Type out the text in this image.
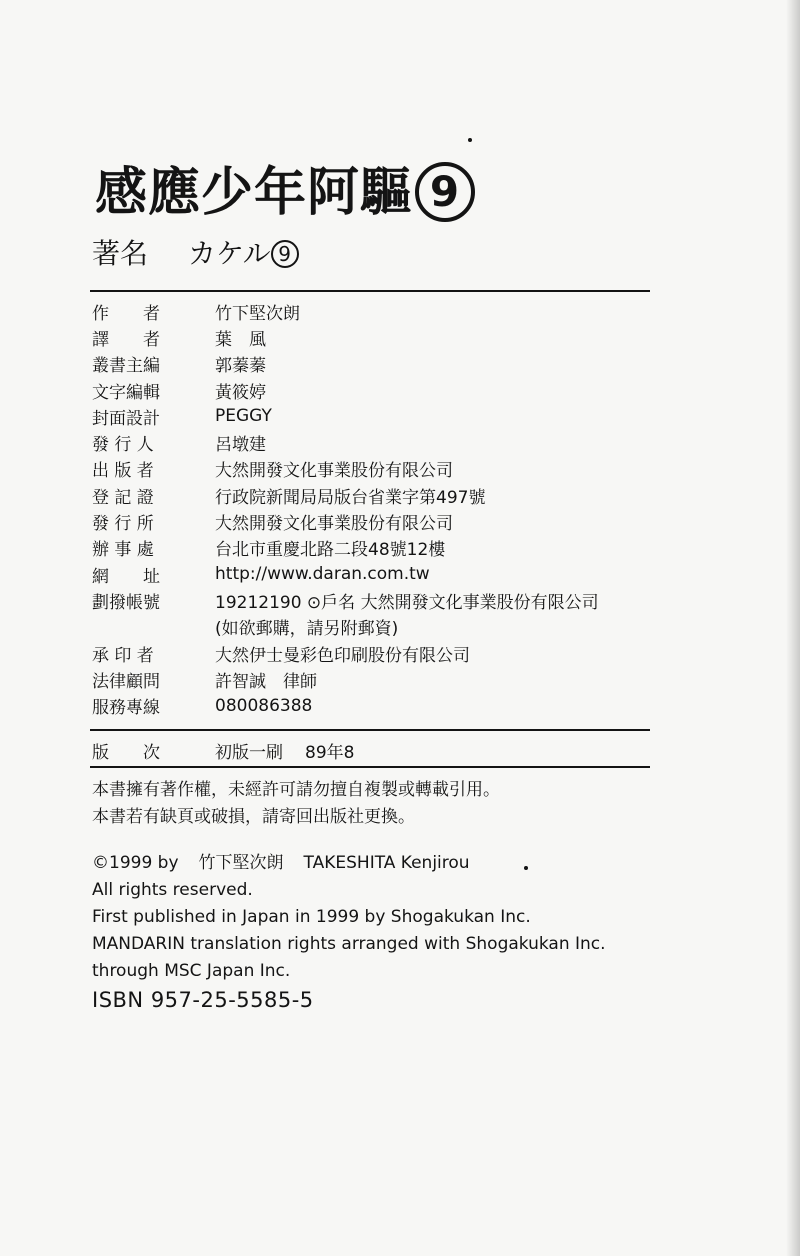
感應少年阿驅 9
著名 カケル 9
作　　者	竹下堅次朗
譯　　者	葉　風
叢書主編	郭蓁蓁
文字編輯	黃筱婷
封面設計	PEGGY
發 行 人	呂墩建
出 版 者	大然開發文化事業股份有限公司
登 記 證	行政院新聞局局版台省業字第497號
發 行 所	大然開發文化事業股份有限公司
辦 事 處	台北市重慶北路二段48號12樓
網　　址	http://www.daran.com.tw
劃撥帳號	19212190 ⊙戶名 大然開發文化事業股份有限公司
(如欲郵購，請另附郵資)
承 印 者	大然伊士曼彩色印刷股份有限公司
法律顧問	許智誠　律師
服務專線	080086388
版　　次	初版一刷 89年8
本書擁有著作權，未經許可請勿擅自複製或轉載引用。
本書若有缺頁或破損，請寄回出版社更換。
©1999 by 竹下堅次朗 TAKESHITA Kenjirou
All rights reserved.
First published in Japan in 1999 by Shogakukan Inc.
MANDARIN translation rights arranged with Shogakukan Inc.
through MSC Japan Inc.
ISBN 957-25-5585-5
